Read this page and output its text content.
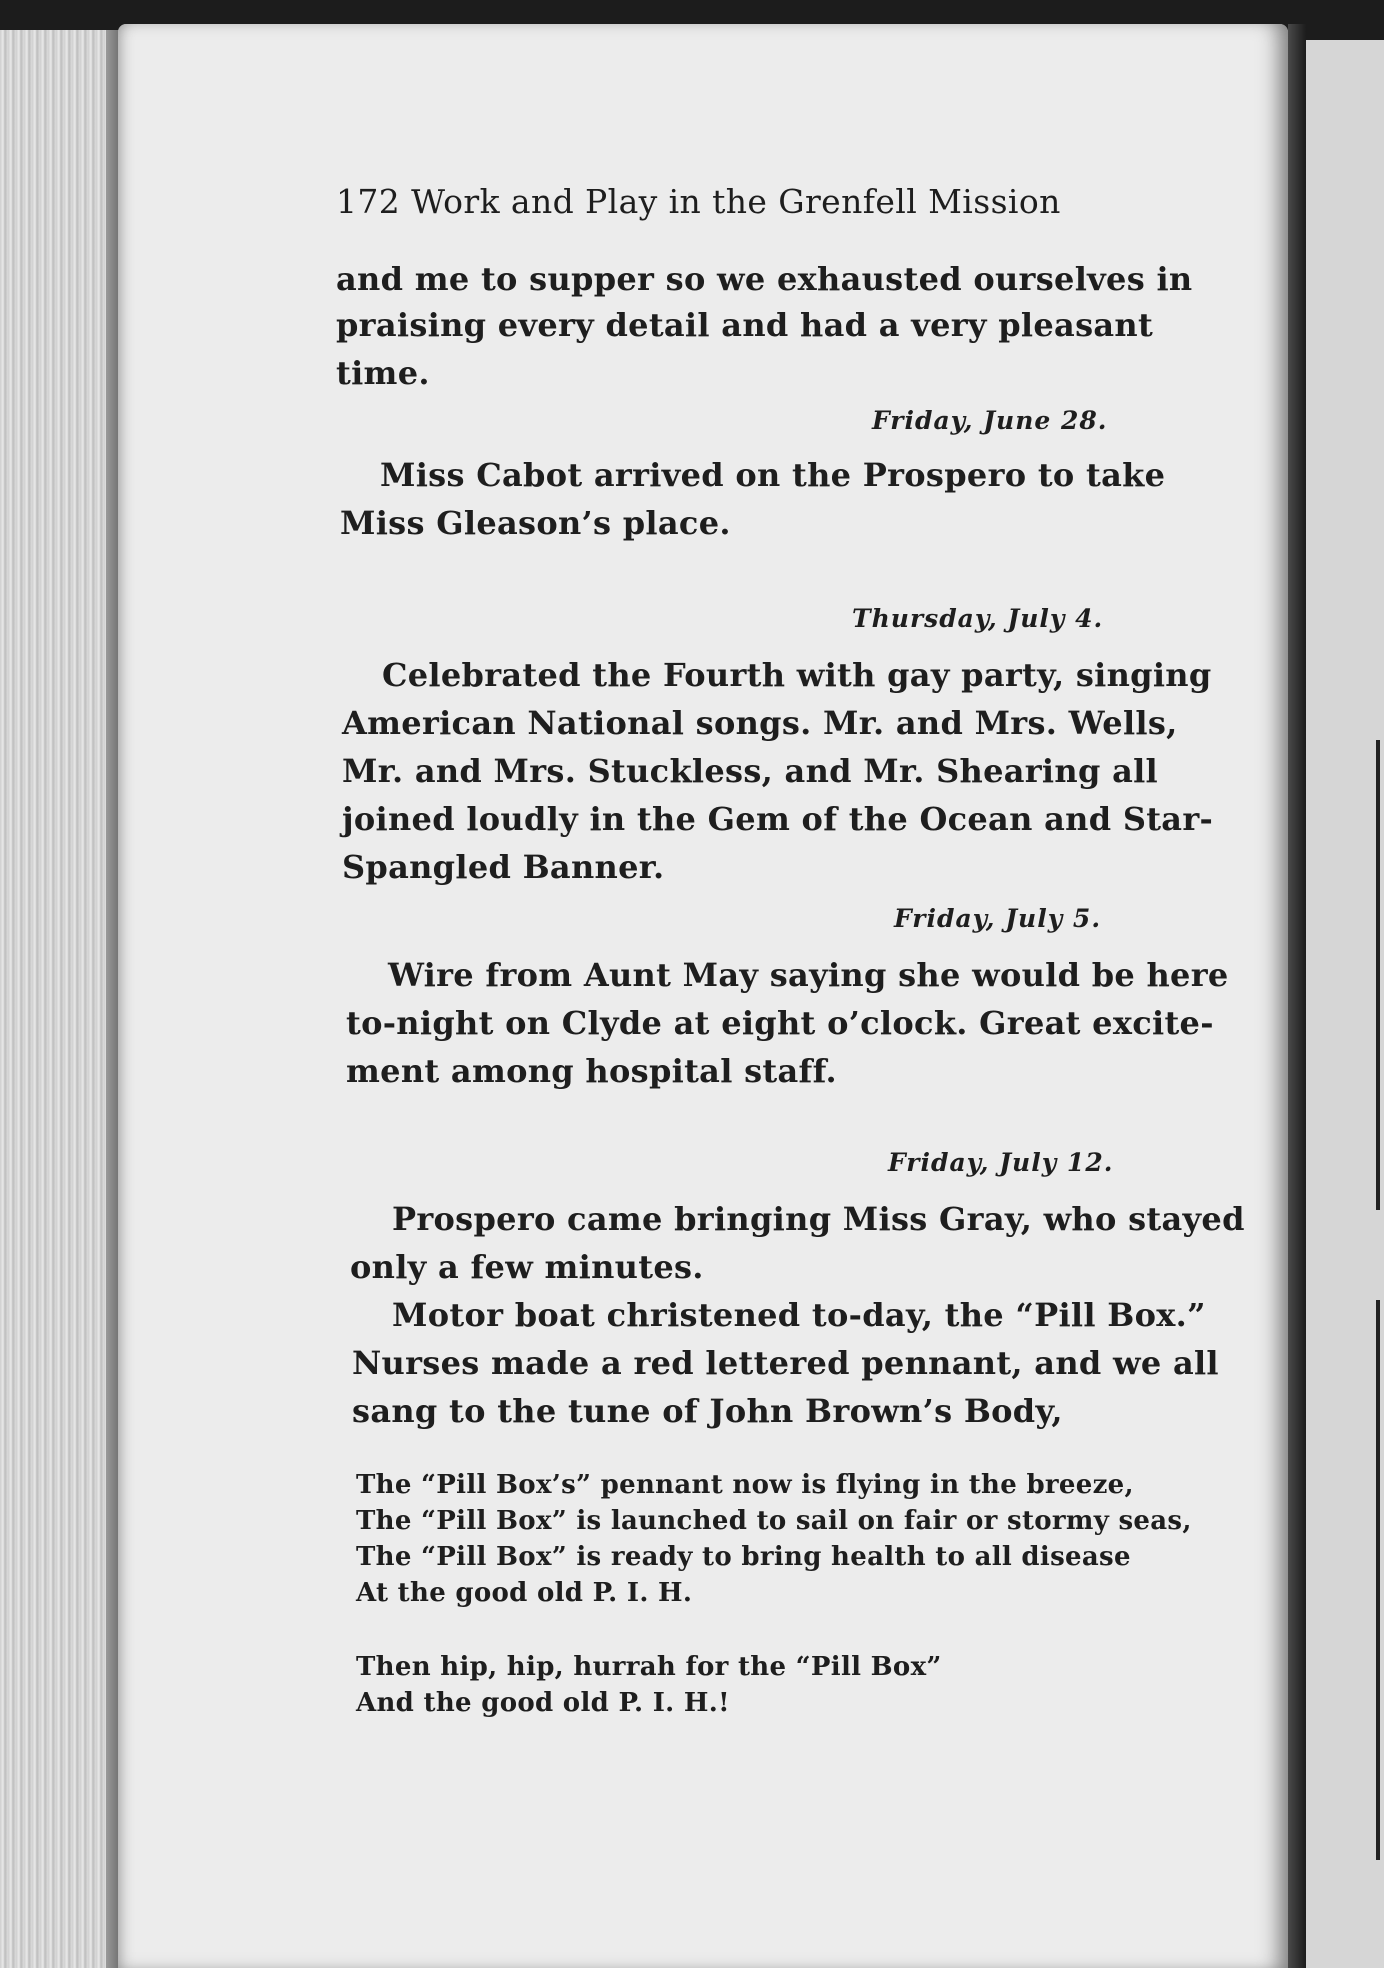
172 Work and Play in the Grenfell Mission
and me to supper so we exhausted ourselves in
praising every detail and had a very pleasant
time.
Friday, June 28.
Miss Cabot arrived on the Prospero to take
Miss Gleason’s place.
Thursday, July 4.
Celebrated the Fourth with gay party, singing
American National songs. Mr. and Mrs. Wells,
Mr. and Mrs. Stuckless, and Mr. Shearing all
joined loudly in the Gem of the Ocean and Star-
Spangled Banner.
Friday, July 5.
Wire from Aunt May saying she would be here
to-night on Clyde at eight o’clock. Great excite-
ment among hospital staff.
Friday, July 12.
Prospero came bringing Miss Gray, who stayed
only a few minutes.
Motor boat christened to-day, the “Pill Box.”
Nurses made a red lettered pennant, and we all
sang to the tune of John Brown’s Body,
The “Pill Box’s” pennant now is flying in the breeze,
The “Pill Box” is launched to sail on fair or stormy seas,
The “Pill Box” is ready to bring health to all disease
At the good old P. I. H.
Then hip, hip, hurrah for the “Pill Box”
And the good old P. I. H.!
